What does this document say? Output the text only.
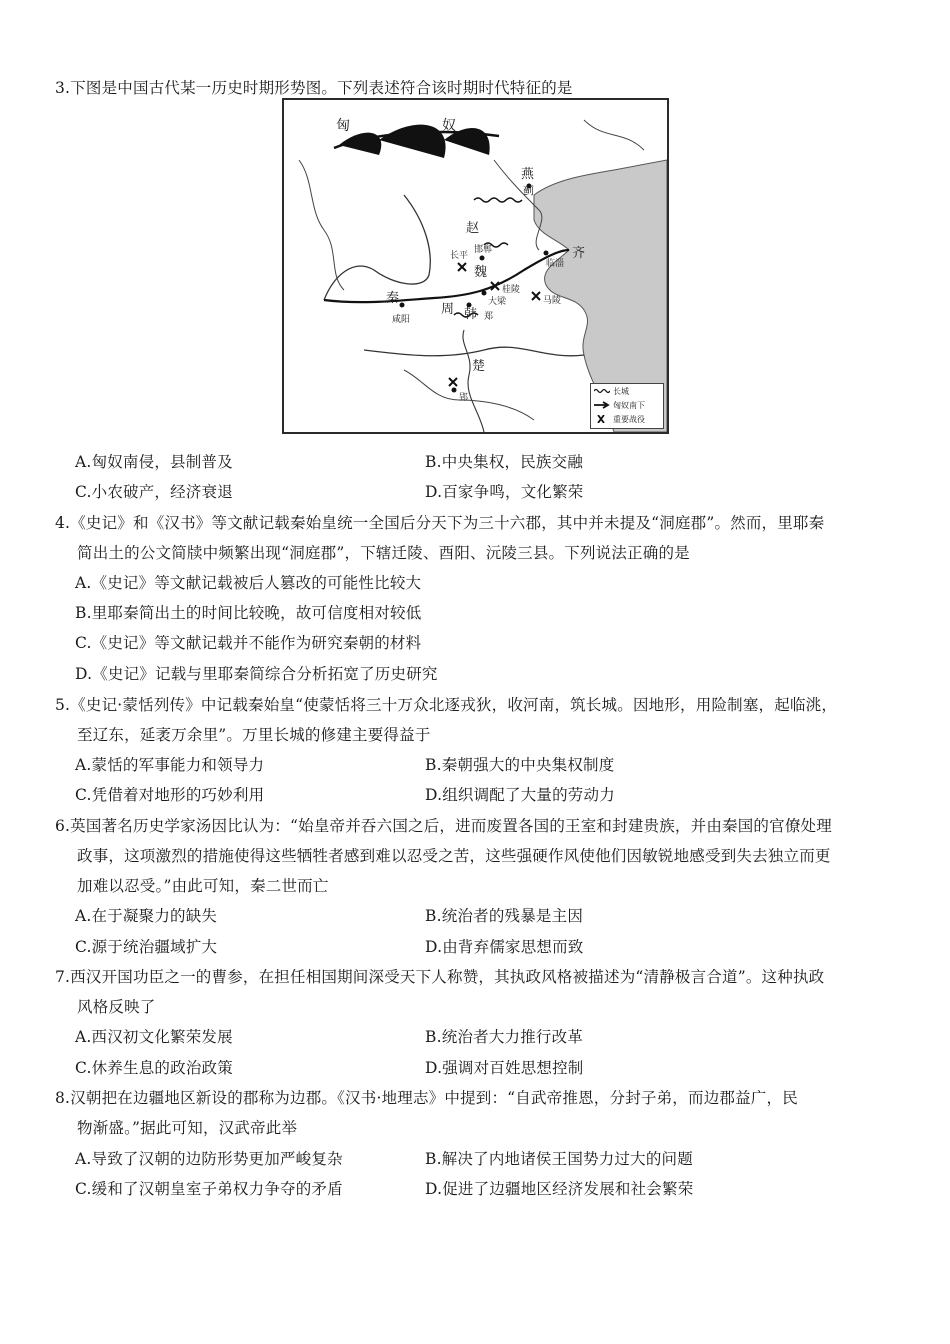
3.下图是中国古代某一历史时期形势图。下列表述符合该时期时代特征的是
匈	奴
燕
蓟
赵
长平
邯郸
魏
桂陵
大梁
齐
临淄
马陵
秦
咸阳
周 韩 郑
楚
郢
长城
匈奴南下
重要战役
A.匈奴南侵，县制普及	B.中央集权，民族交融
C.小农破产，经济衰退	D.百家争鸣，文化繁荣
4.《史记》和《汉书》等文献记载秦始皇统一全国后分天下为三十六郡，其中并未提及“洞庭郡”。然而，里耶秦
简出土的公文简牍中频繁出现“洞庭郡”，下辖迁陵、酉阳、沅陵三县。下列说法正确的是
A.《史记》等文献记载被后人篡改的可能性比较大
B.里耶秦简出土的时间比较晚，故可信度相对较低
C.《史记》等文献记载并不能作为研究秦朝的材料
D.《史记》记载与里耶秦简综合分析拓宽了历史研究
5.《史记·蒙恬列传》中记载秦始皇“使蒙恬将三十万众北逐戎狄，收河南，筑长城。因地形，用险制塞，起临洮，
至辽东，延袤万余里”。万里长城的修建主要得益于
A.蒙恬的军事能力和领导力	B.秦朝强大的中央集权制度
C.凭借着对地形的巧妙利用	D.组织调配了大量的劳动力
6.英国著名历史学家汤因比认为：“始皇帝并吞六国之后，进而废置各国的王室和封建贵族，并由秦国的官僚处理
政事，这项激烈的措施使得这些牺牲者感到难以忍受之苦，这些强硬作风使他们因敏锐地感受到失去独立而更
加难以忍受。”由此可知，秦二世而亡
A.在于凝聚力的缺失	B.统治者的残暴是主因
C.源于统治疆域扩大	D.由背弃儒家思想而致
7.西汉开国功臣之一的曹参，在担任相国期间深受天下人称赞，其执政风格被描述为“清静极言合道”。这种执政
风格反映了
A.西汉初文化繁荣发展	B.统治者大力推行改革
C.休养生息的政治政策	D.强调对百姓思想控制
8.汉朝把在边疆地区新设的郡称为边郡。《汉书·地理志》中提到：“自武帝推恩，分封子弟，而边郡益广，民
物渐盛。”据此可知，汉武帝此举
A.导致了汉朝的边防形势更加严峻复杂	B.解决了内地诸侯王国势力过大的问题
C.缓和了汉朝皇室子弟权力争夺的矛盾	D.促进了边疆地区经济发展和社会繁荣
